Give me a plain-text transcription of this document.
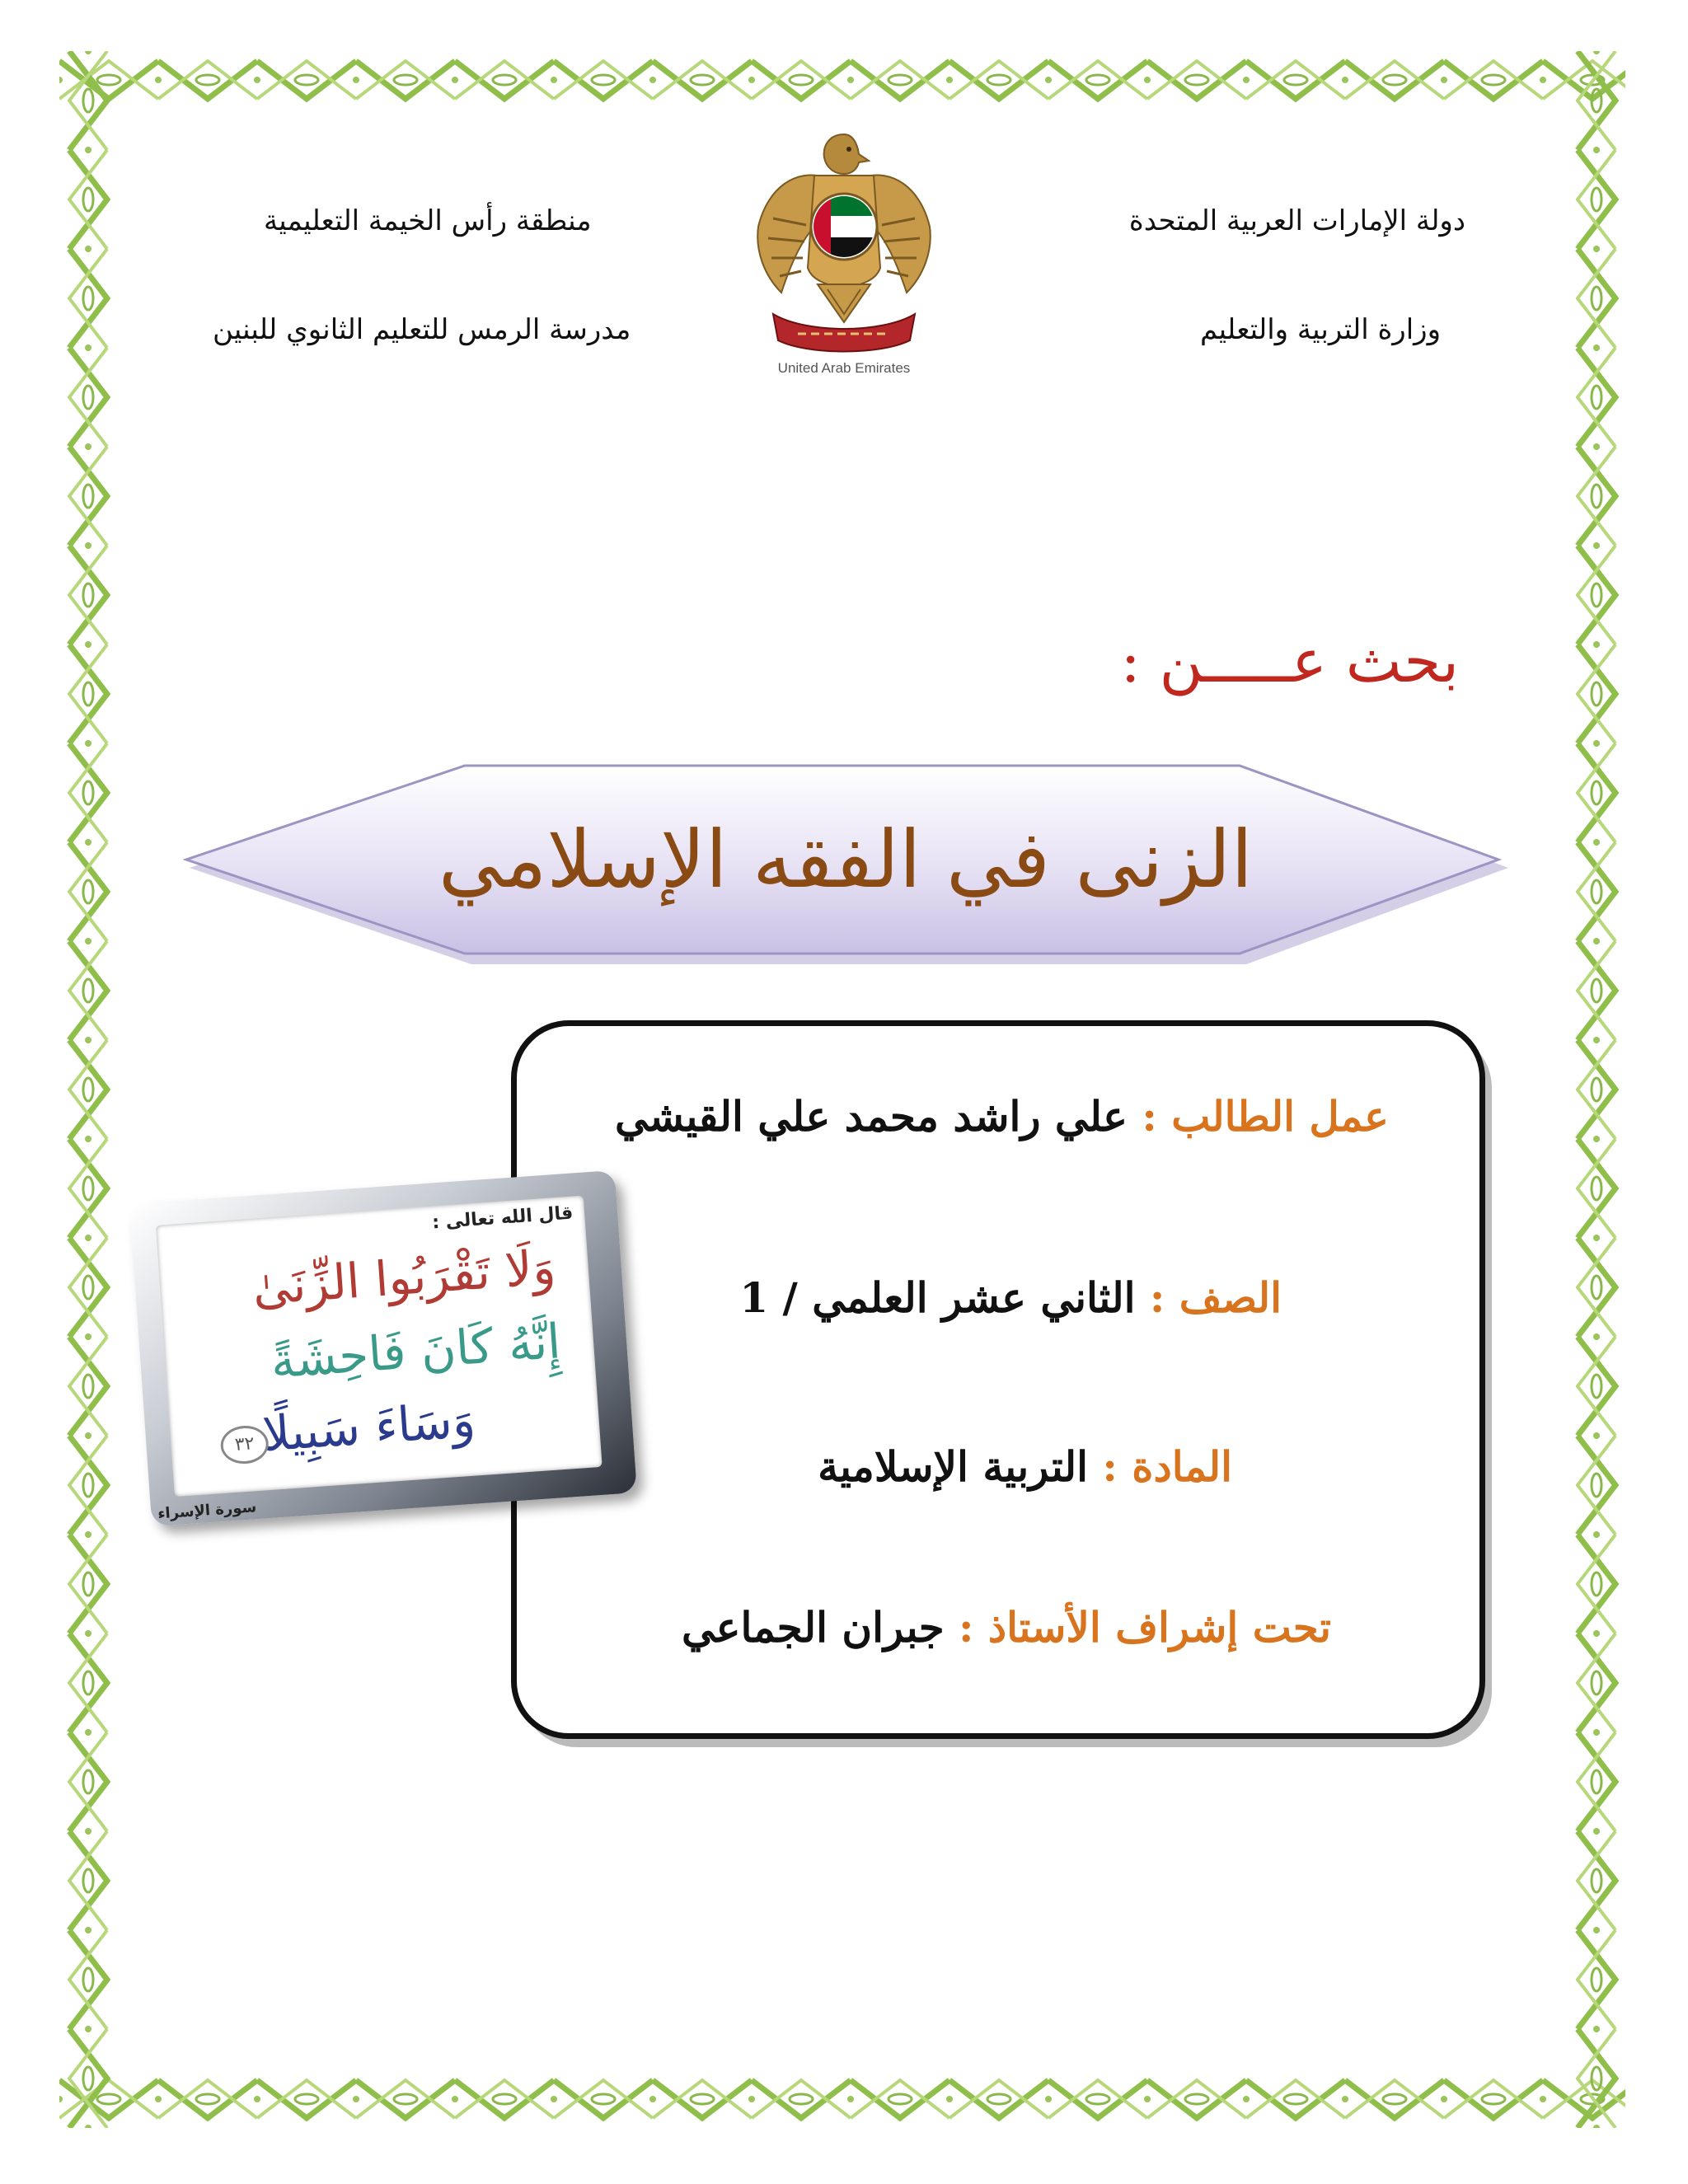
دولة الإمارات العربية المتحدة
وزارة التربية والتعليم
منطقة رأس الخيمة التعليمية
مدرسة الرمس للتعليم الثانوي للبنين
United Arab Emirates
بحث عـــــن :
الزنى في الفقه الإسلامي
عمل الطالب : علي راشد محمد علي القيشي
الصف : الثاني عشر العلمي / 1
المادة : التربية الإسلامية
تحت إشراف الأستاذ : جبران الجماعي
قال الله تعالى :
وَلَا تَقْرَبُوا الزِّنَىٰ
إِنَّهُ كَانَ فَاحِشَةً
وَسَاءَ سَبِيلًا
٣٢
سورة الإسراء
